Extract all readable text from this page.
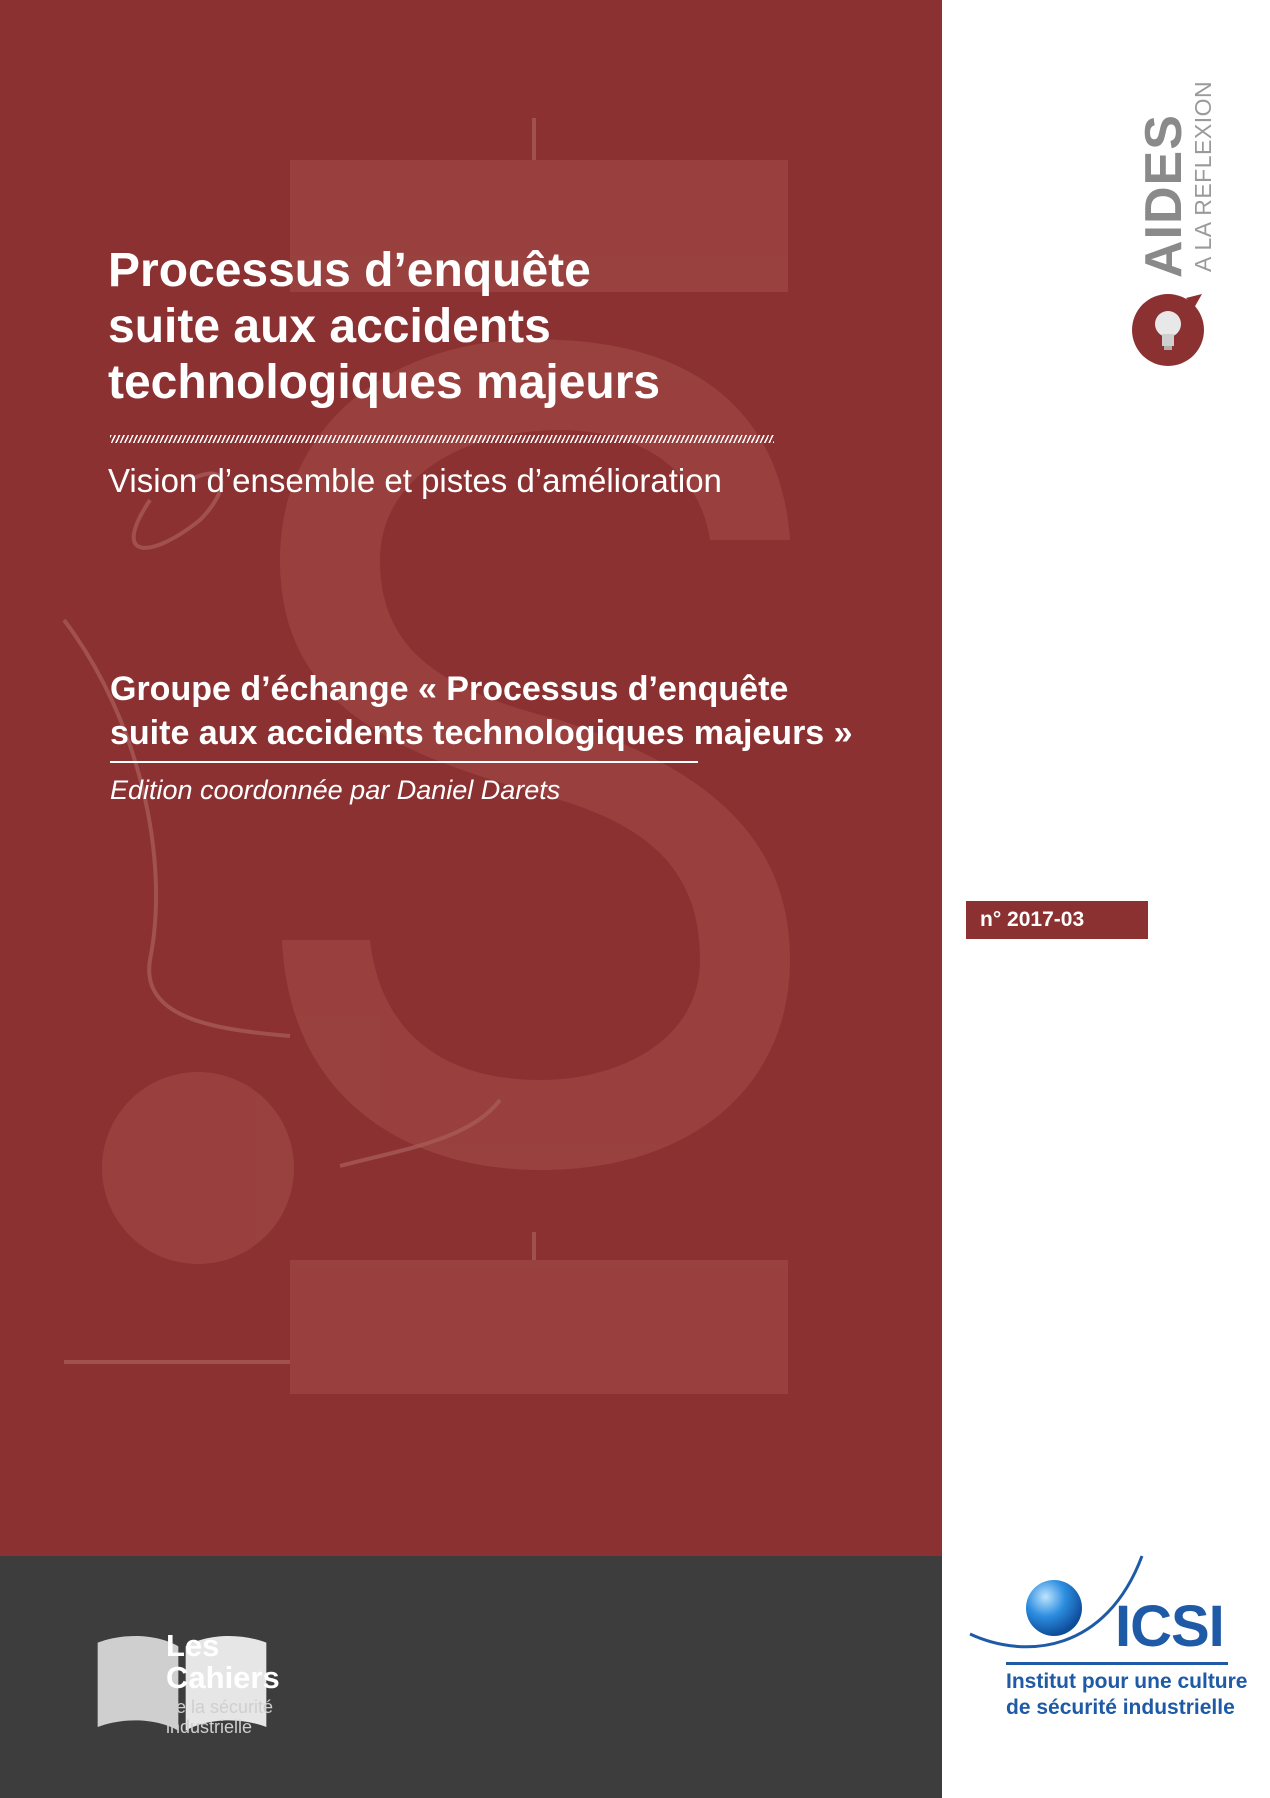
Processus d’enquête
suite aux accidents
technologiques majeurs
Vision d’ensemble et pistes d’amélioration
Groupe d’échange « Processus d’enquête
suite aux accidents technologiques majeurs »
Edition coordonnée par Daniel Darets
Les
Cahiers
de la sécurité
industrielle
AIDES
A LA REFLEXION
n° 2017-03
ICSI
Institut pour une culture
de sécurité industrielle
